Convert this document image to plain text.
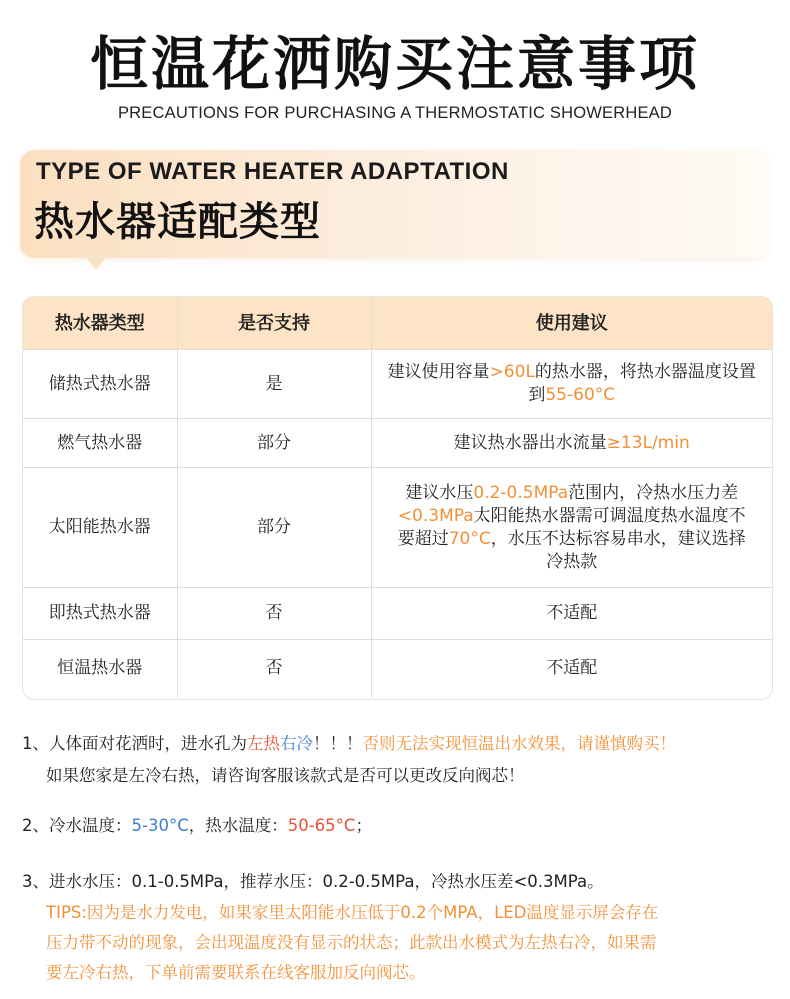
恒温花洒购买注意事项
PRECAUTIONS FOR PURCHASING A THERMOSTATIC SHOWERHEAD
TYPE OF WATER HEATER ADAPTATION
热水器适配类型
热水器类型	是否支持	使用建议
储热式热水器	是	建议使用容量>60L的热水器，将热水器温度设置到55-60°C
燃气热水器	部分	建议热水器出水流量≥13L/min
太阳能热水器	部分	建议水压0.2-0.5MPa范围内，冷热水压力差<0.3MPa太阳能热水器需可调温度热水温度不要超过70°C，水压不达标容易串水，建议选择冷热款
即热式热水器	否	不适配
恒温热水器	否	不适配
1、人体面对花洒时，进水孔为左热右冷！！！否则无法实现恒温出水效果，请谨慎购买！
如果您家是左冷右热，请咨询客服该款式是否可以更改反向阀芯！
2、冷水温度：5-30°C，热水温度：50-65°C；
3、进水水压：0.1-0.5MPa，推荐水压：0.2-0.5MPa，冷热水压差<0.3MPa。
TIPS:因为是水力发电，如果家里太阳能水压低于0.2个MPA，LED温度显示屏会存在
压力带不动的现象，会出现温度没有显示的状态；此款出水模式为左热右冷，如果需
要左冷右热，下单前需要联系在线客服加反向阀芯。
